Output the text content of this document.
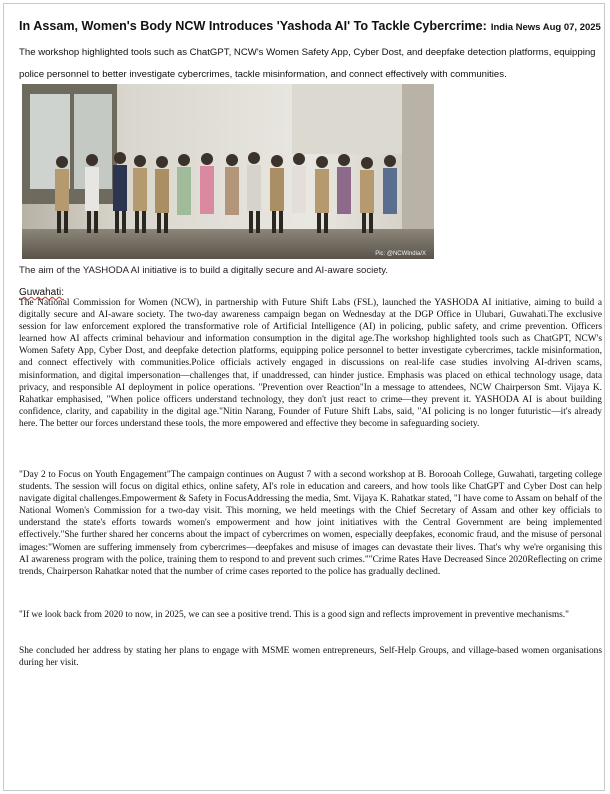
In Assam, Women's Body NCW Introduces 'Yashoda AI' To Tackle Cybercrime: India News Aug 07, 2025
The workshop highlighted tools such as ChatGPT, NCW's Women Safety App, Cyber Dost, and deepfake detection platforms, equipping police personnel to better investigate cybercrimes, tackle misinformation, and connect effectively with communities.
Pic: @NCWIndia/X
The aim of the YASHODA AI initiative is to build a digitally secure and AI-aware society.
Guwahati:

The National Commission for Women (NCW), in partnership with Future Shift Labs (FSL), launched the YASHODA AI initiative, aiming to build a digitally secure and AI-aware society. The two-day awareness campaign began on Wednesday at the DGP Office in Ulubari, Guwahati.The exclusive session for law enforcement explored the transformative role of Artificial Intelligence (AI) in policing, public safety, and crime prevention. Officers learned how AI affects criminal behaviour and information consumption in the digital age.The workshop highlighted tools such as ChatGPT, NCW's Women Safety App, Cyber Dost, and deepfake detection platforms, equipping police personnel to better investigate cybercrimes, tackle misinformation, and connect effectively with communities.Police officials actively engaged in discussions on real-life case studies involving AI-driven scams, misinformation, and digital impersonation—challenges that, if unaddressed, can hinder justice. Emphasis was placed on ethical technology usage, data privacy, and responsible AI deployment in police operations. "Prevention over Reaction"In a message to attendees, NCW Chairperson Smt. Vijaya K. Rahatkar emphasised, "When police officers understand technology, they don't just react to crime—they prevent it. YASHODA AI is about building confidence, clarity, and capability in the digital age."Nitin Narang, Founder of Future Shift Labs, said, "AI policing is no longer futuristic—it's already here. The better our forces understand these tools, the more empowered and effective they become in safeguarding society.

"Day 2 to Focus on Youth Engagement"The campaign continues on August 7 with a second workshop at B. Borooah College, Guwahati, targeting college students. The session will focus on digital ethics, online safety, AI's role in education and careers, and how tools like ChatGPT and Cyber Dost can help navigate digital challenges.Empowerment & Safety in FocusAddressing the media, Smt. Vijaya K. Rahatkar stated, "I have come to Assam on behalf of the National Women's Commission for a two-day visit. This morning, we held meetings with the Chief Secretary of Assam and other key officials to understand the state's efforts towards women's empowerment and how joint initiatives with the Central Government are being implemented effectively."She further shared her concerns about the impact of cybercrimes on women, especially deepfakes, economic fraud, and the misuse of personal images:"Women are suffering immensely from cybercrimes—deepfakes and misuse of images can devastate their lives. That's why we're organising this AI awareness program with the police, training them to respond to and prevent such crimes.""Crime Rates Have Decreased Since 2020Reflecting on crime trends, Chairperson Rahatkar noted that the number of crime cases reported to the police has gradually declined.

"If we look back from 2020 to now, in 2025, we can see a positive trend. This is a good sign and reflects improvement in preventive mechanisms."

She concluded her address by stating her plans to engage with MSME women entrepreneurs, Self-Help Groups, and village-based women organisations during her visit.
